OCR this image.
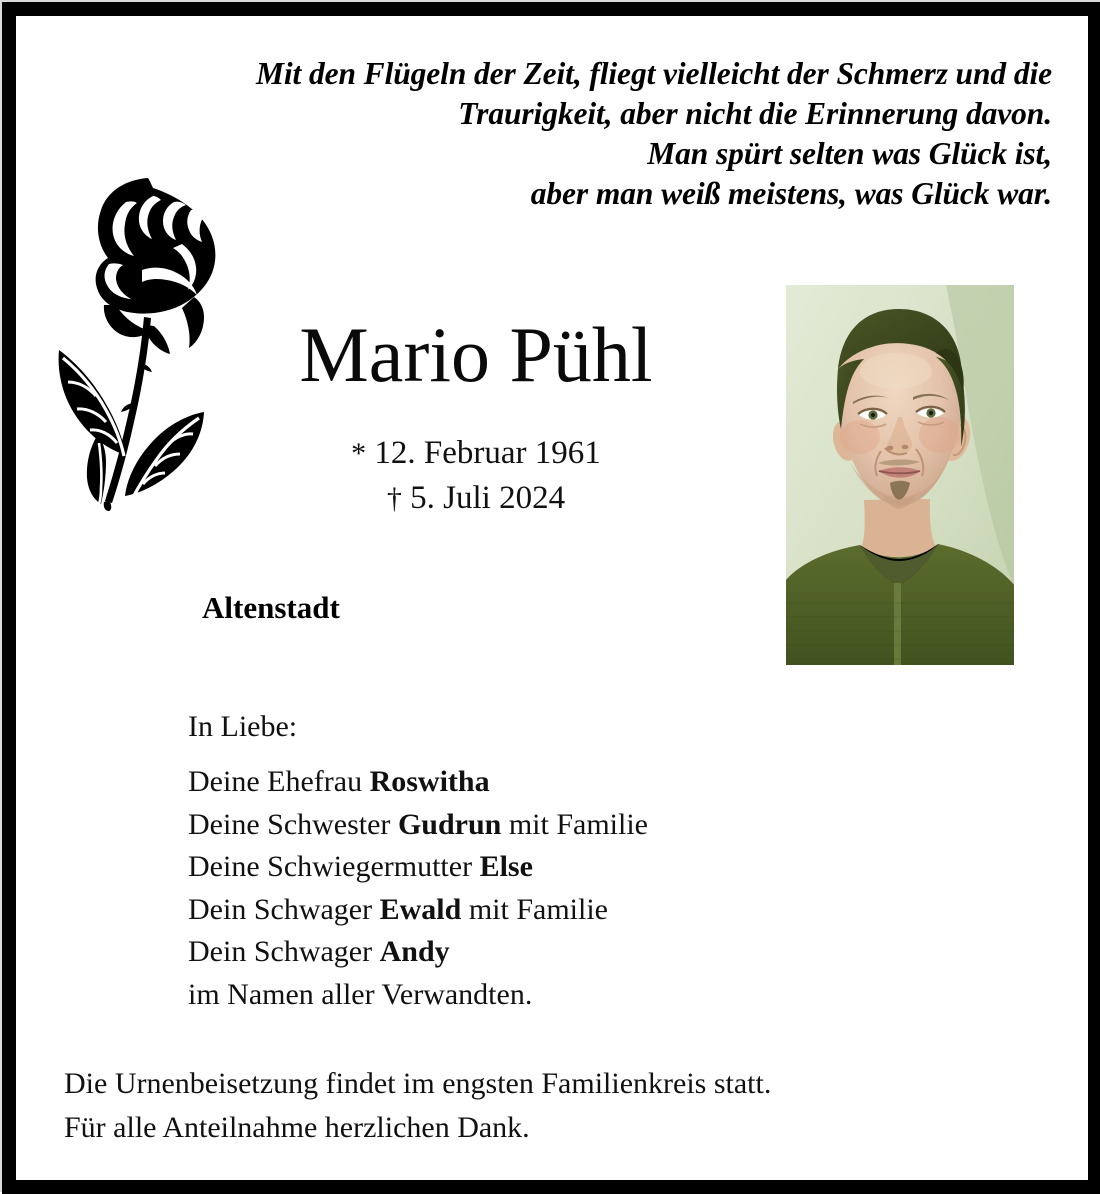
Mit den Flügeln der Zeit, fliegt vielleicht der Schmerz und die
Traurigkeit, aber nicht die Erinnerung davon.
Man spürt selten was Glück ist,
aber man weiß meistens, was Glück war.
Mario Pühl
* 12. Februar 1961
† 5. Juli 2024
Altenstadt
In Liebe:
Deine Ehefrau Roswitha
Deine Schwester Gudrun mit Familie
Deine Schwiegermutter Else
Dein Schwager Ewald mit Familie
Dein Schwager Andy
im Namen aller Verwandten.
Die Urnenbeisetzung findet im engsten Familienkreis statt.
Für alle Anteilnahme herzlichen Dank.
